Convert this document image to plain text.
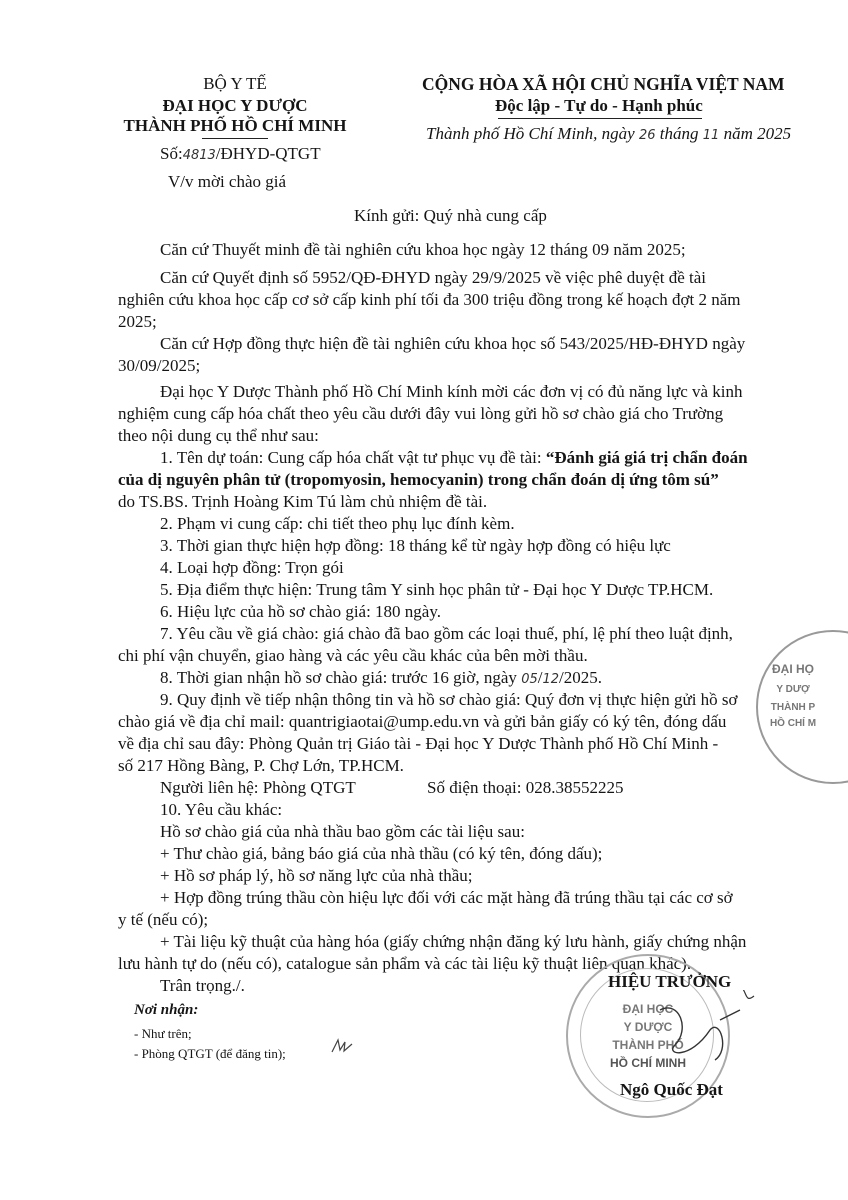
BỘ Y TẾ
ĐẠI HỌC Y DƯỢC
THÀNH PHỐ HỒ CHÍ MINH
Số:4813/ĐHYD-QTGT
V/v mời chào giá
CỘNG HÒA XÃ HỘI CHỦ NGHĨA VIỆT NAM
Độc lập - Tự do - Hạnh phúc
Thành phố Hồ Chí Minh, ngày 26 tháng 11 năm 2025
Kính gửi: Quý nhà cung cấp
Căn cứ Thuyết minh đề tài nghiên cứu khoa học ngày 12 tháng 09 năm 2025;
Căn cứ Quyết định số 5952/QĐ-ĐHYD ngày 29/9/2025 về việc phê duyệt đề tài
nghiên cứu khoa học cấp cơ sở cấp kinh phí tối đa 300 triệu đồng trong kế hoạch đợt 2 năm
2025;
Căn cứ Hợp đồng thực hiện đề tài nghiên cứu khoa học số 543/2025/HĐ-ĐHYD ngày
30/09/2025;
Đại học Y Dược Thành phố Hồ Chí Minh kính mời các đơn vị có đủ năng lực và kinh
nghiệm cung cấp hóa chất theo yêu cầu dưới đây vui lòng gửi hồ sơ chào giá cho Trường
theo nội dung cụ thể như sau:
1. Tên dự toán: Cung cấp hóa chất vật tư phục vụ đề tài: “Đánh giá giá trị chẩn đoán
của dị nguyên phân tử (tropomyosin, hemocyanin) trong chẩn đoán dị ứng tôm sú”
do TS.BS. Trịnh Hoàng Kim Tú làm chủ nhiệm đề tài.
2. Phạm vi cung cấp: chi tiết theo phụ lục đính kèm.
3. Thời gian thực hiện hợp đồng: 18 tháng kể từ ngày hợp đồng có hiệu lực
4. Loại hợp đồng: Trọn gói
5. Địa điểm thực hiện: Trung tâm Y sinh học phân tử - Đại học Y Dược TP.HCM.
6. Hiệu lực của hồ sơ chào giá: 180 ngày.
7. Yêu cầu về giá chào: giá chào đã bao gồm các loại thuế, phí, lệ phí theo luật định,
chi phí vận chuyển, giao hàng và các yêu cầu khác của bên mời thầu.
8. Thời gian nhận hồ sơ chào giá: trước 16 giờ, ngày 05/12/2025.
9. Quy định về tiếp nhận thông tin và hồ sơ chào giá: Quý đơn vị thực hiện gửi hồ sơ
chào giá về địa chỉ mail: quantrigiaotai@ump.edu.vn và gửi bản giấy có ký tên, đóng dấu
về địa chỉ sau đây: Phòng Quản trị Giáo tài - Đại học Y Dược Thành phố Hồ Chí Minh -
số 217 Hồng Bàng, P. Chợ Lớn, TP.HCM.
Người liên hệ: Phòng QTGT	Số điện thoại: 028.38552225
10. Yêu cầu khác:
Hồ sơ chào giá của nhà thầu bao gồm các tài liệu sau:
+ Thư chào giá, bảng báo giá của nhà thầu (có ký tên, đóng dấu);
+ Hồ sơ pháp lý, hồ sơ năng lực của nhà thầu;
+ Hợp đồng trúng thầu còn hiệu lực đối với các mặt hàng đã trúng thầu tại các cơ sở
y tế (nếu có);
+ Tài liệu kỹ thuật của hàng hóa (giấy chứng nhận đăng ký lưu hành, giấy chứng nhận
lưu hành tự do (nếu có), catalogue sản phẩm và các tài liệu kỹ thuật liên quan khác).
Trân trọng./.
Nơi nhận:
- Như trên;
- Phòng QTGT (để đăng tin);
ĐẠI HỌ
Y DƯỢ
THÀNH P
HỒ CHÍ M
ĐẠI HỌC
Y DƯỢC
THÀNH PHỐ
HỒ CHÍ MINH
HIỆU TRƯỞNG
Ngô Quốc Đạt
